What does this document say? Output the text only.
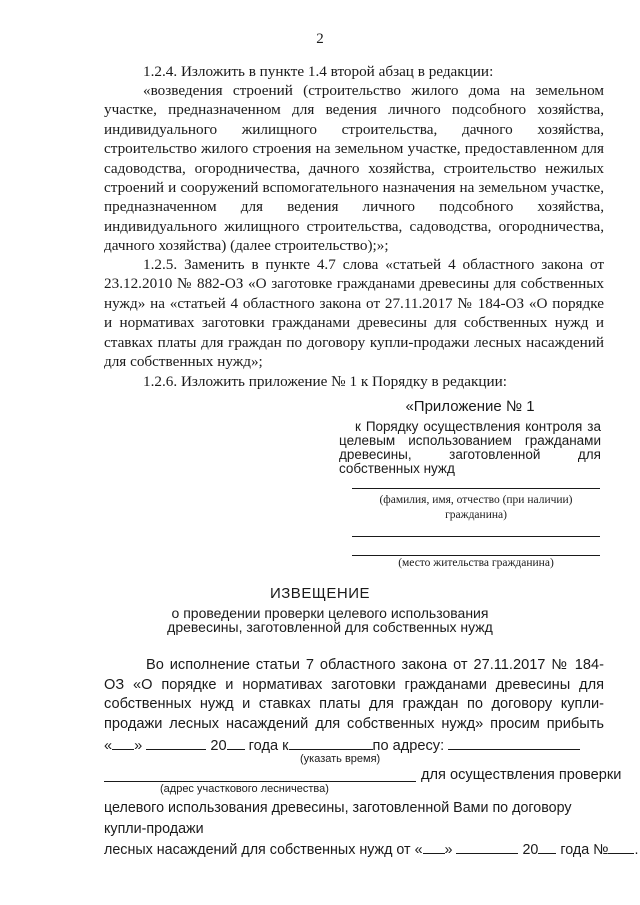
2

1.2.4. Изложить в пункте 1.4 второй абзац в редакции:

«возведения строений (строительство жилого дома на земельном участке, предназначенном для ведения личного подсобного хозяйства, индивидуального жилищного строительства, дачного хозяйства, строительство жилого строения на земельном участке, предоставленном для садоводства, огородничества, дачного хозяйства, строительство нежилых строений и сооружений вспомогательного назначения на земельном участке, предназначенном для ведения личного подсобного хозяйства, индивидуального жилищного строительства, садоводства, огородничества, дачного хозяйства) (далее строительство);»;

1.2.5. Заменить в пункте 4.7 слова «статьей 4 областного закона от 23.12.2010 № 882-ОЗ «О заготовке гражданами древесины для собственных нужд» на «статьей 4 областного закона от 27.11.2017 № 184-ОЗ «О порядке и нормативах заготовки гражданами древесины для собственных нужд и ставках платы для граждан по договору купли-продажи лесных насаждений для собственных нужд»;

1.2.6. Изложить приложение № 1 к Порядку в редакции:

«Приложение № 1
к Порядку осуществления контроля за целевым использованием гражданами древесины, заготовленной для собственных нужд
(фамилия, имя, отчество (при наличии) гражданина)
(место жительства гражданина)
ИЗВЕЩЕНИЕ
о проведении проверки целевого использования древесины, заготовленной для собственных нужд

Во исполнение статьи 7 областного закона от 27.11.2017 № 184-ОЗ «О порядке и нормативах заготовки гражданами древесины для собственных нужд и ставках платы для граждан по договору купли-продажи лесных насаждений для собственных нужд» просим прибыть

« »	20 года к	по адресу:
(указать время)
для осуществления проверки
(адрес участкового лесничества)
целевого использования древесины, заготовленной Вами по договору купли-продажи
лесных насаждений для собственных нужд от « »	20 года № .
